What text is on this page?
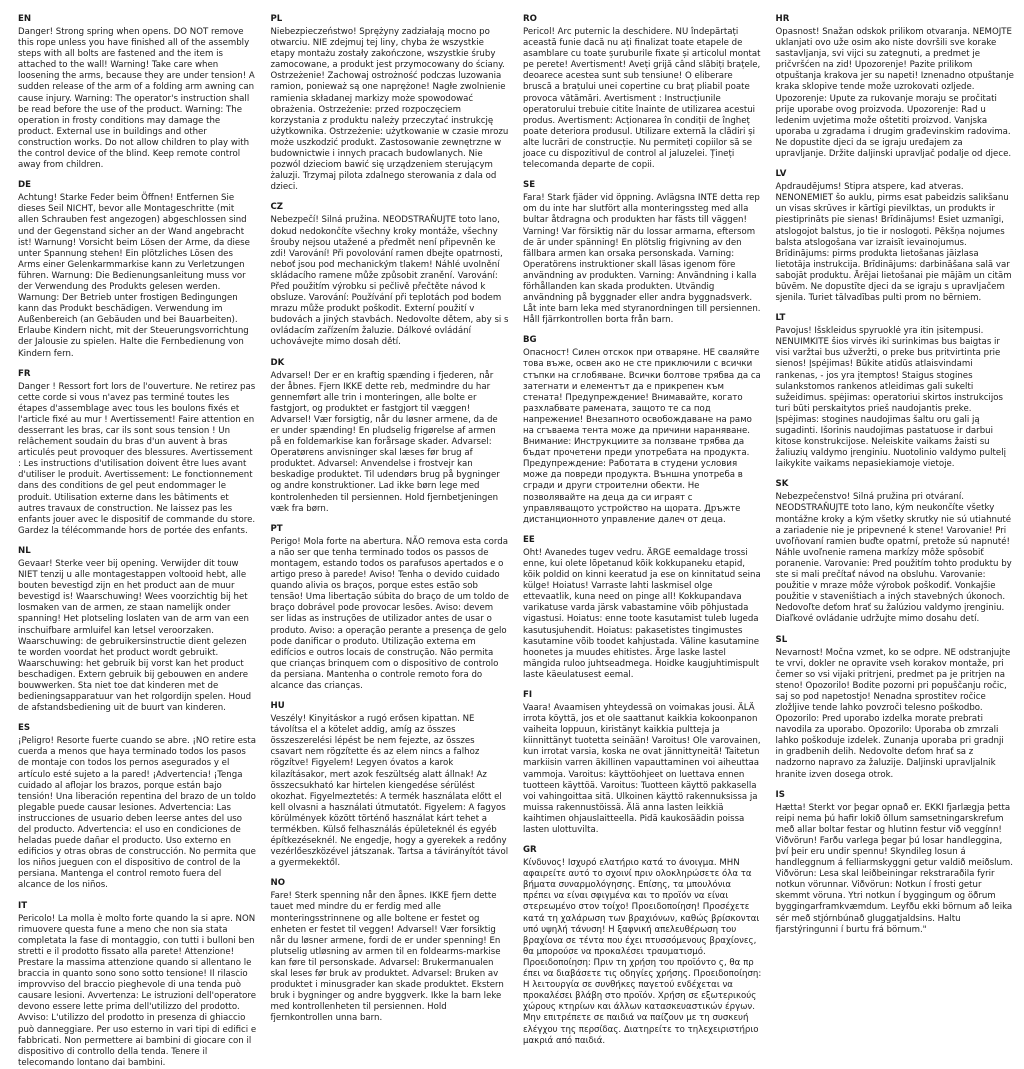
EN

Danger! Strong spring when opens. DO NOT remove this rope unless you have finished all of the assembly steps with all bolts are fastened and the item is attached to the wall! Warning! Take care when loosening the arms, because they are under tension! A sudden release of the arm of a folding arm awning can cause injury. Warning: The operator's instruction shall be read before the use of the product. Warning: The operation in frosty conditions may damage the product. External use in buildings and other construction works. Do not allow children to play with the control device of the blind. Keep remote control away from children.

DE

Achtung! Starke Feder beim Öffnen! Entfernen Sie dieses Seil NICHT, bevor alle Montageschritte (mit allen Schrauben fest angezogen) abgeschlossen sind und der Gegenstand sicher an der Wand angebracht ist! Warnung! Vorsicht beim Lösen der Arme, da diese unter Spannung stehen! Ein plötzliches Lösen des Arms einer Gelenkarmmarkise kann zu Verletzungen führen. Warnung: Die Bedienungsanleitung muss vor der Verwendung des Produkts gelesen werden. Warnung: Der Betrieb unter frostigen Bedingungen kann das Produkt beschädigen. Verwendung im Außenbereich (an Gebäuden und bei Bauarbeiten). Erlaube Kindern nicht, mit der Steuerungsvorrichtung der Jalousie zu spielen. Halte die Fernbedienung von Kindern fern.

FR

Danger ! Ressort fort lors de l'ouverture. Ne retirez pas cette corde si vous n'avez pas terminé toutes les étapes d'assemblage avec tous les boulons fixés et l'article fixé au mur ! Avertissement! Faire attention en desserrant les bras, car ils sont sous tension ! Un relâchement soudain du bras d'un auvent à bras articulés peut provoquer des blessures. Avertissement : Les instructions d'utilisation doivent être lues avant d'utiliser le produit. Avertissement: Le fonctionnement dans des conditions de gel peut endommager le produit. Utilisation externe dans les bâtiments et autres travaux de construction. Ne laissez pas les enfants jouer avec le dispositif de commande du store. Gardez la télécommande hors de portée des enfants.

NL

Gevaar! Sterke veer bij opening. Verwijder dit touw NIET tenzij u alle montagestappen voltooid hebt, alle bouten bevestigd zijn en het product aan de muur bevestigd is! Waarschuwing! Wees voorzichtig bij het losmaken van de armen, ze staan namelijk onder spanning! Het plotseling loslaten van de arm van een inschuifbare armluifel kan letsel veroorzaken. Waarschuwing: de gebruikersinstructie dient gelezen te worden voordat het product wordt gebruikt. Waarschuwing: het gebruik bij vorst kan het product beschadigen. Extern gebruik bij gebouwen en andere bouwwerken. Sta niet toe dat kinderen met de bedieningsapparatuur van het rolgordijn spelen. Houd de afstandsbediening uit de buurt van kinderen.

ES

¡Peligro! Resorte fuerte cuando se abre. ¡NO retire esta cuerda a menos que haya terminado todos los pasos de montaje con todos los pernos asegurados y el artículo esté sujeto a la pared! ¡Advertencia! ¡Tenga cuidado al aflojar los brazos, porque están bajo tensión! Una liberación repentina del brazo de un toldo plegable puede causar lesiones. Advertencia: Las instrucciones de usuario deben leerse antes del uso del producto. Advertencia: el uso en condiciones de heladas puede dañar el producto. Uso externo en edificios y otras obras de construcción. No permita que los niños jueguen con el dispositivo de control de la persiana. Mantenga el control remoto fuera del alcance de los niños.

IT

Pericolo! La molla è molto forte quando la si apre. NON rimuovere questa fune a meno che non sia stata completata la fase di montaggio, con tutti i bulloni ben stretti e il prodotto fissato alla parete! Attenzione! Prestare la massima attenzione quando si allentano le braccia in quanto sono sono sotto tensione! Il rilascio improvviso del braccio pieghevole di una tenda può causare lesioni. Avvertenza: Le istruzioni dell'operatore devono essere lette prima dell'utilizzo del prodotto. Avviso: L'utilizzo del prodotto in presenza di ghiaccio può danneggiare. Per uso esterno in vari tipi di edifici e fabbricati. Non permettere ai bambini di giocare con il dispositivo di controllo della tenda. Tenere il telecomando lontano dai bambini.

PL

Niebezpieczeństwo! Sprężyny zadziałają mocno po otwarciu. NIE zdejmuj tej liny, chyba że wszystkie etapy montażu zostały zakończone, wszystkie śruby zamocowane, a produkt jest przymocowany do ściany. Ostrzeżenie! Zachowaj ostrożność podczas luzowania ramion, ponieważ są one naprężone! Nagłe zwolnienie ramienia składanej markizy może spowodować obrażenia. Ostrzeżenie: przed rozpoczęciem korzystania z produktu należy przeczytać instrukcję użytkownika. Ostrzeżenie: użytkowanie w czasie mrozu może uszkodzić produkt. Zastosowanie zewnętrzne w budownictwie i innych pracach budowlanych. Nie pozwól dzieciom bawić się urządzeniem sterującym żaluzji. Trzymaj pilota zdalnego sterowania z dala od dzieci.

CZ

Nebezpečí! Silná pružina. NEODSTRAŇUJTE toto lano, dokud nedokončíte všechny kroky montáže, všechny šrouby nejsou utažené a předmět není připevněn ke zdi! Varování! Při povolování ramen dbejte opatrnosti, neboť jsou pod mechanickým tlakem! Náhlé uvolnění skládacího ramene může způsobit zranění. Varování: Před použitím výrobku si pečlivě přečtěte návod k obsluze. Varování: Používání při teplotách pod bodem mrazu může produkt poškodit. Externí použití v budovách a jiných stavbách. Nedovolte dětem, aby si s ovládacím zařízením žaluzie. Dálkové ovládání uchovávejte mimo dosah dětí.

DK

Advarsel! Der er en kraftig spænding i fjederen, når der åbnes. Fjern IKKE dette reb, medmindre du har gennemført alle trin i monteringen, alle bolte er fastgjort, og produktet er fastgjort til væggen! Advarsel! Vær forsigtig, når du løsner armene, da de er under spænding! En pludselig frigørelse af armen på en foldemarkise kan forårsage skader. Advarsel: Operatørens anvisninger skal læses før brug af produktet. Advarsel: Anvendelse i frostvejr kan beskadige produktet. Til udendørs brug på bygninger og andre konstruktioner. Lad ikke børn lege med kontrolenheden til persiennen. Hold fjernbetjeningen væk fra børn.

PT

Perigo! Mola forte na abertura. NÃO remova esta corda a não ser que tenha terminado todos os passos de montagem, estando todos os parafusos apertados e o artigo preso à parede! Aviso! Tenha o devido cuidado quando alivia os braços, porque estes estão sob tensão! Uma libertação súbita do braço de um toldo de braço dobrável pode provocar lesões. Aviso: devem ser lidas as instruções de utilizador antes de usar o produto. Aviso: a operação perante a presença de gelo pode danificar o produto. Utilização externa em edifícios e outros locais de construção. Não permita que crianças brinquem com o dispositivo de controlo da persiana. Mantenha o controle remoto fora do alcance das crianças.

HU

Veszély! Kinyitáskor a rugó erősen kipattan. NE távolítsa el a kötelet addig, amíg az összes összeszerelési lépést be nem fejezte, az összes csavart nem rögzítette és az elem nincs a falhoz rögzítve! Figyelem! Legyen óvatos a karok kilazításakor, mert azok feszültség alatt állnak! Az összecsukható kar hirtelen kiengedése sérülést okozhat. Figyelmeztetés: A termék használata előtt el kell olvasni a használati útmutatót. Figyelem: A fagyos körülmények között történő használat kárt tehet a termékben. Külső felhasználás épületeknél és egyéb építkezéseknél. Ne engedje, hogy a gyerekek a redőny vezérlőeszközével játszanak. Tartsa a távirányítót távol a gyermekektől.

NO

Fare! Sterk spenning når den åpnes. IKKE fjern dette tauet med mindre du er ferdig med alle monteringsstrinnene og alle boltene er festet og enheten er festet til veggen! Advarsel! Vær forsiktig når du løsner armene, fordi de er under spenning! En plutselig utløsning av armen til en foldearms-markise kan føre til personskade. Advarsel: Brukermanualen skal leses før bruk av produktet. Advarsel: Bruken av produktet i minusgrader kan skade produktet. Ekstern bruk i bygninger og andre byggverk. Ikke la barn leke med kontrollenheten til persiennen. Hold fjernkontrollen unna barn.

RO

Pericol! Arc puternic la deschidere. NU îndepărtați această funie dacă nu ați finalizat toate etapele de asamblare cu toate șuruburile fixate și articolul montat pe perete! Avertisment! Aveți grijă când slăbiți brațele, deoarece acestea sunt sub tensiune! O eliberare bruscă a brațului unei copertine cu braț pliabil poate provoca vătămări. Avertisment : Instrucțiunile operatorului trebuie citite înainte de utilizarea acestui produs. Avertisment: Acționarea în condiții de îngheț poate deteriora produsul. Utilizare externă la clădiri și alte lucrări de construcție. Nu permiteți copiilor să se joace cu dispozitivul de control al jaluzelei. Țineți telecomanda departe de copii.

SE

Fara! Stark fjäder vid öppning. Avlägsna INTE detta rep om du inte har slutfört alla monteringssteg med alla bultar åtdragna och produkten har fästs till väggen! Varning! Var försiktig när du lossar armarna, eftersom de är under spänning! En plötslig frigivning av den fällbara armen kan orsaka personskada. Varning: Operatörens instruktioner skall läsas igenom före användning av produkten. Varning: Användning i kalla förhållanden kan skada produkten. Utvändig användning på byggnader eller andra byggnadsverk. Låt inte barn leka med styranordningen till persiennen. Håll fjärrkontrollen borta från barn.

BG

Опасност! Силен отскок при отваряне. НЕ сваляйте това въже, освен ако не сте приключили с всички стъпки на сглобяване. Всички болтове трябва да са затегнати и елементът да е прикрепен към стената! Предупреждение! Внимавайте, когато разхлабвате рамената, защото те са под напрежение! Внезапното освобождаване на рамо на сгъваема тента може да причини нараняване. Внимание: Инструкциите за ползване трябва да бъдат прочетени преди употребата на продукта. Предупреждение: Работата в студени условия може да повреди продукта. Външна употреба в сгради и други строителни обекти. Не позволявайте на деца да си играят с управляващото устройство на щората. Дръжте дистанционното управление далеч от деца.

EE

Oht! Avanedes tugev vedru. ÄRGE eemaldage trossi enne, kui olete lõpetanud kõik kokkupaneku etapid, kõik poldid on kinni keeratud ja ese on kinnitatud seina külge! Hoiatus! Varraste lahti laskmisel olge ettevaatlik, kuna need on pinge all! Kokkupandava varikatuse varda järsk vabastamine võib põhjustada vigastusi. Hoiatus: enne toote kasutamist tuleb lugeda kasutusjuhendit. Hoiatus: pakasetistes tingimustes kasutamine võib toodet kahjustada. Väline kasutamine hoonetes ja muudes ehitistes. Ärge laske lastel mängida ruloo juhtseadmega. Hoidke kaugjuhtimispult laste käeulatusest eemal.

FI

Vaara! Avaamisen yhteydessä on voimakas jousi. ÄLÄ irrota köyttä, jos et ole saattanut kaikkia kokoonpanon vaiheita loppuun, kiristänyt kaikkia pultteja ja kiinnittänyt tuotetta seinään! Varoitus! Ole varovainen, kun irrotat varsia, koska ne ovat jännittyneitä! Taitetun markiisin varren äkillinen vapauttaminen voi aiheuttaa vammoja. Varoitus: käyttöohjeet on luettava ennen tuotteen käyttöä. Varoitus: Tuotteen käyttö pakkasella voi vahingoittaa sitä. Ulkoinen käyttö rakennuksissa ja muissa rakennustöissä. Älä anna lasten leikkiä kaihtimen ohjauslaitteella. Pidä kaukosäädin poissa lasten ulottuvilta.

GR

Κίνδυνος! Ισχυρό ελατήριο κατά το άνοιγμα. ΜΗΝ αφαιρείτε αυτό το σχοινί πριν ολοκληρώσετε όλα τα βήματα συναρμολόγησης. Επίσης, τα μπουλόνια πρέπει να είναι σφιγμένα και το προϊόν να είναι στερεωμένο στον τοίχο! Προειδοποίηση! Προσέχετε κατά τη χαλάρωση των βραχιόνων, καθώς βρίσκονται υπό υψηλή τάνυση! Η ξαφνική απελευθέρωση του βραχίονα σε τέντα που έχει πτυσσόμενους βραχίονες, θα μπορούσε να προκαλέσει τραυματισμό. Προειδοποίηση: Πριν τη χρήση του προϊόντο ς, θα πρ έπει να διαβάσετε τις οδηγίες χρήσης. Προειδοποίηση: Η λειτουργία σε συνθήκες παγετού ενδέχεται να προκαλέσει βλάβη στο προϊόν. Χρήση σε εξωτερικούς χώρους κτηρίων και άλλων κατασκευαστικών έργων. Μην επιτρέπετε σε παιδιά να παίζουν με τη συσκευή ελέγχου της περσίδας. Διατηρείτε το τηλεχειριστήριο μακριά από παιδιά.

HR

Opasnost! Snažan odskok prilikom otvaranja. NEMOJTE uklanjati ovo uže osim ako niste dovršili sve korake sastavljanja, svi vijci su zategnuti, a predmet je pričvršćen na zid! Upozorenje! Pazite prilikom otpuštanja krakova jer su napeti! Iznenadno otpuštanje kraka sklopive tende može uzrokovati ozljede. Upozorenje: Upute za rukovanje moraju se pročitati prije uporabe ovog proizvoda. Upozorenje: Rad u ledenim uvjetima može oštetiti proizvod. Vanjska uporaba u zgradama i drugim građevinskim radovima. Ne dopustite djeci da se igraju uređajem za upravljanje. Držite daljinski upravljač podalje od djece.

LV

Apdraudējums! Stipra atspere, kad atveras. NENONEMIET šo auklu, pirms esat pabeidzis salikšanu un visas skrūves ir kārtīgi pievilktas, un produkts ir piestiprināts pie sienas! Brīdinājums! Esiet uzmanīgi, atslogojot balstus, jo tie ir noslogoti. Pēkšņa nojumes balsta atslogošana var izraisīt ievainojumus. Brīdinājums: pirms produkta lietošanas jāizlasa lietotāja instrukcija. Brīdinājums: darbināšana salā var sabojāt produktu. Ārējai lietošanai pie mājām un citām būvēm. Ne dopustīte djeci da se igraju s upravljačem sjenila. Turiet tālvadības pulti prom no bērniem.

LT

Pavojus! Išskleidus spyruoklė yra itin įsitempusi. NENUIMKITE šios virvės iki surinkimas bus baigtas ir visi varžtai bus užveržti, o preke bus pritvirtinta prie sienos! Įspėjimas! Būkite atidūs atlaisvindami rankenas, - jos yra įtemptos! Staigus stogines sulankstomos rankenos atleidimas gali sukelti sužeidimus. spėjimas: operatoriui skirtos instrukcijos turi būti perskaitytos prieš naudojantis preke. Įspėjimas: stogines naudojimas šaltu oru gali ją sugadinti. Išorinis naudojimas pastatuose ir darbui kitose konstrukcijose. Neleiskite vaikams žaisti su žaliuzių valdymo įrenginiu. Nuotolinio valdymo pultelį laikykite vaikams nepasiekiamoje vietoje.

SK

Nebezpečenstvo! Silná pružina pri otváraní. NEODSTRAŇUJTE toto lano, kým neukončíte všetky montážne kroky a kým všetky skrutky nie sú utiahnuté a zariadenie nie je pripevnené k stene! Varovanie! Pri uvoľňovaní ramien buďte opatrní, pretože sú napnuté! Náhle uvoľnenie ramena markízy môže spôsobiť poranenie. Varovanie: Pred použitím tohto produktu by ste si mali prečítať návod na obsluhu. Varovanie: použitie v mraze môže výrobok poškodiť. Vonkajšie použitie v staveništiach a iných stavebných úkonoch. Nedovoľte deťom hrať su žalúziou valdymo įrenginiu. Diaľkové ovládanie udržujte mimo dosahu detí.

SL

Nevarnost! Močna vzmet, ko se odpre. NE odstranjujte te vrvi, dokler ne opravite vseh korakov montaže, pri čemer so vsi vijaki pritrjeni, predmet pa je pritrjen na steno! Opozorilo! Bodite pozorni pri popuščanju ročic, saj so pod napetostjo! Nenadna sprostitev ročice zložljive tende lahko povzroči telesno poškodbo. Opozorilo: Pred uporabo izdelka morate prebrati navodila za uporabo. Opozorilo: Uporaba ob zmrzali lahko poškoduje izdelek. Zunanja uporaba pri gradnji in gradbenih delih. Nedovolte deťom hrať sa z nadzorno napravo za žaluzije. Daljinski upravljalnik hranite izven dosega otrok.

IS

Hætta! Sterkt vor þegar opnað er. EKKI fjarlægja þetta reipi nema þú hafir lokið öllum samsetningarskrefum með allar boltar festar og hlutinn festur við veggínn! Viðvörun! Farðu varlega þegar þú losar handleggina, því þeir eru undir spennu! Skyndileg losun á handleggnum á felliarmskyggni getur valdið meiðslum. Viðvörun: Lesa skal leiðbeiningar rekstraraðila fyrir notkun vörunnar. Viðvörun: Notkun í frosti getur skemmt vöruna. Ytri notkun í byggingum og öðrum byggingarframkvæmdum. Leyfðu ekki börnum að leika sér með stjórnbúnað gluggatjaldsins. Haltu fjarstýringunni í burtu frá börnum."
